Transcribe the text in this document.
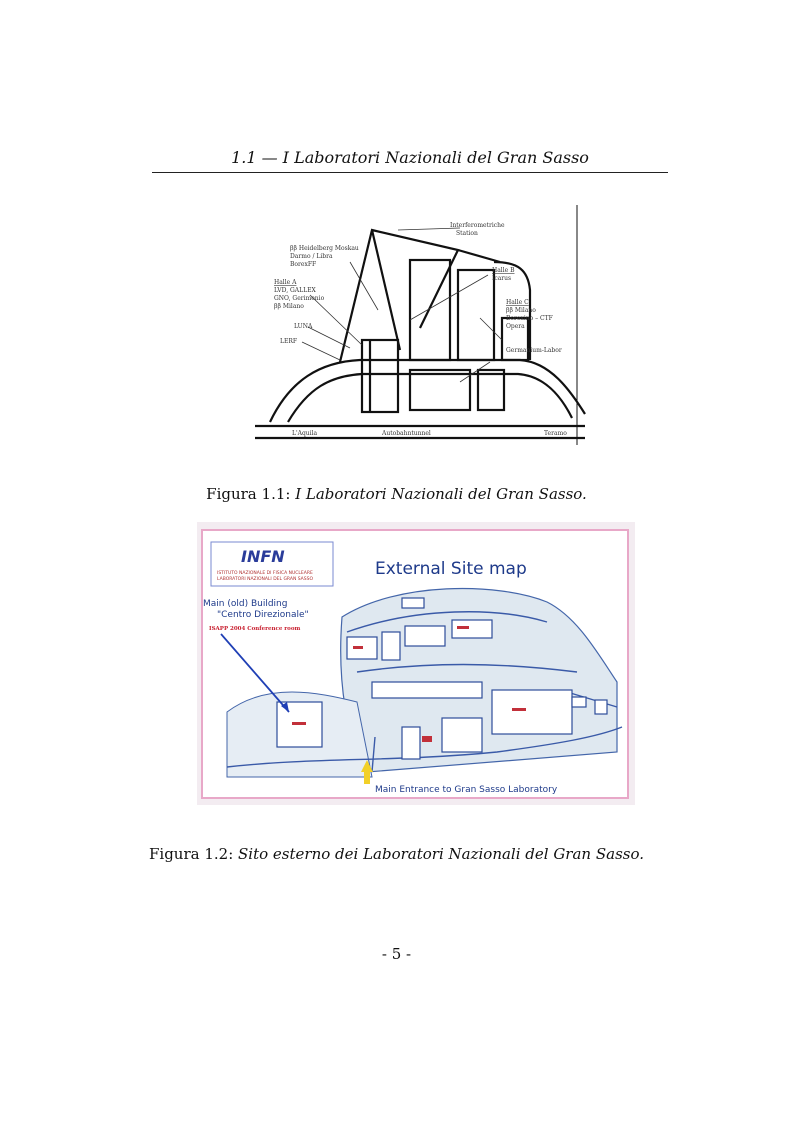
1.1 — I Laboratori Nazionali del Gran Sasso
Interferometriche
Station
ββ Heidelberg Moskau
Darmo / Libra
BorexFF
Halle A
LVD, GALLEX
GNO, Gerimenio
ββ Milano
LUNA
LERF
Halle B
Icarus
Halle C
ββ Milano
Borexino – CTF
Opera
Germanium-Labor
L'Aquila	Autobahntunnel	Teramo
Figura 1.1: I Laboratori Nazionali del Gran Sasso.
INFN
ISTITUTO NAZIONALE DI FISICA NUCLEARE
LABORATORI NAZIONALI DEL GRAN SASSO
External Site map
Main (old) Building
"Centro Direzionale"
ISAPP 2004 Conference room
Main Entrance to Gran Sasso Laboratory
Figura 1.2: Sito esterno dei Laboratori Nazionali del Gran Sasso.
- 5 -
